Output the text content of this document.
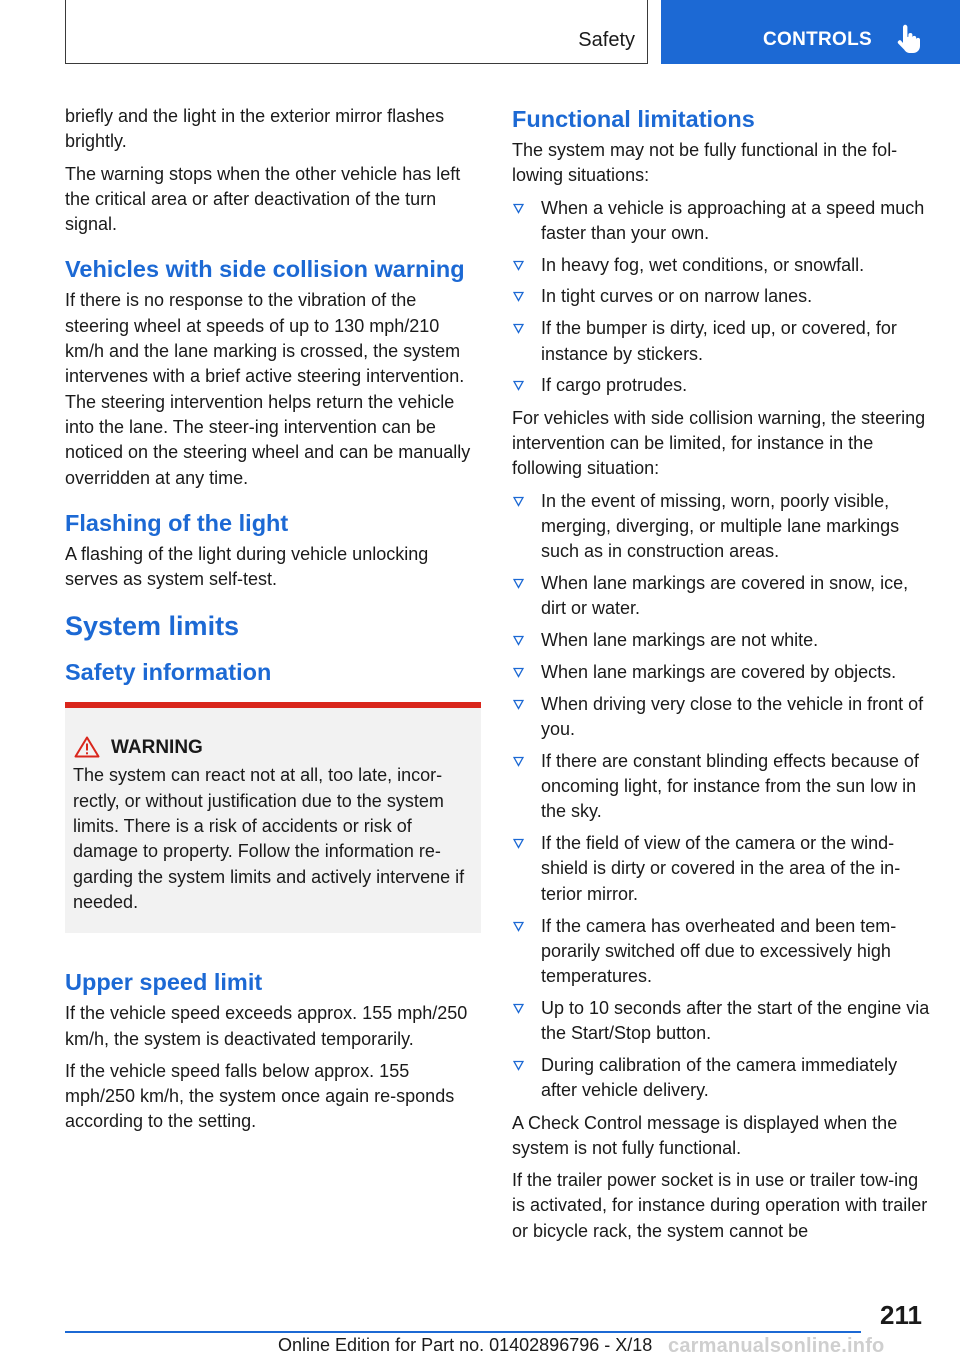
Safety	CONTROLS

briefly and the light in the exterior mirror flashes brightly.

The warning stops when the other vehicle has left the critical area or after deactivation of the turn signal.

Vehicles with side collision warning

If there is no response to the vibration of the steering wheel at speeds of up to 130 mph/210 km/h and the lane marking is crossed, the system intervenes with a brief active steering intervention. The steering intervention helps return the vehicle into the lane. The steer‐ing intervention can be noticed on the steering wheel and can be manually overridden at any time.

Flashing of the light

A flashing of the light during vehicle unlocking serves as system self-test.

System limits
Safety information
WARNING

The system can react not at all, too late, incor‐rectly, or without justification due to the system limits. There is a risk of accidents or risk of damage to property. Follow the information re‐garding the system limits and actively intervene if needed.

Upper speed limit

If the vehicle speed exceeds approx. 155 mph/250 km/h, the system is deactivated temporarily.

If the vehicle speed falls below approx. 155 mph/250 km/h, the system once again re‐sponds according to the setting.

Functional limitations

The system may not be fully functional in the fol‐lowing situations:

When a vehicle is approaching at a speed much faster than your own.
In heavy fog, wet conditions, or snowfall.
In tight curves or on narrow lanes.
If the bumper is dirty, iced up, or covered, for instance by stickers.
If cargo protrudes.

For vehicles with side collision warning, the steering intervention can be limited, for instance in the following situation:

In the event of missing, worn, poorly visible, merging, diverging, or multiple lane markings such as in construction areas.
When lane markings are covered in snow, ice, dirt or water.
When lane markings are not white.
When lane markings are covered by objects.
When driving very close to the vehicle in front of you.
If there are constant blinding effects because of oncoming light, for instance from the sun low in the sky.
If the field of view of the camera or the wind‐shield is dirty or covered in the area of the in‐terior mirror.
If the camera has overheated and been tem‐porarily switched off due to excessively high temperatures.
Up to 10 seconds after the start of the engine via the Start/Stop button.
During calibration of the camera immediately after vehicle delivery.

A Check Control message is displayed when the system is not fully functional.

If the trailer power socket is in use or trailer tow‐ing is activated, for instance during operation with trailer or bicycle rack, the system cannot be

211
Online Edition for Part no. 01402896796 - X/18 carmanualsonline.info
